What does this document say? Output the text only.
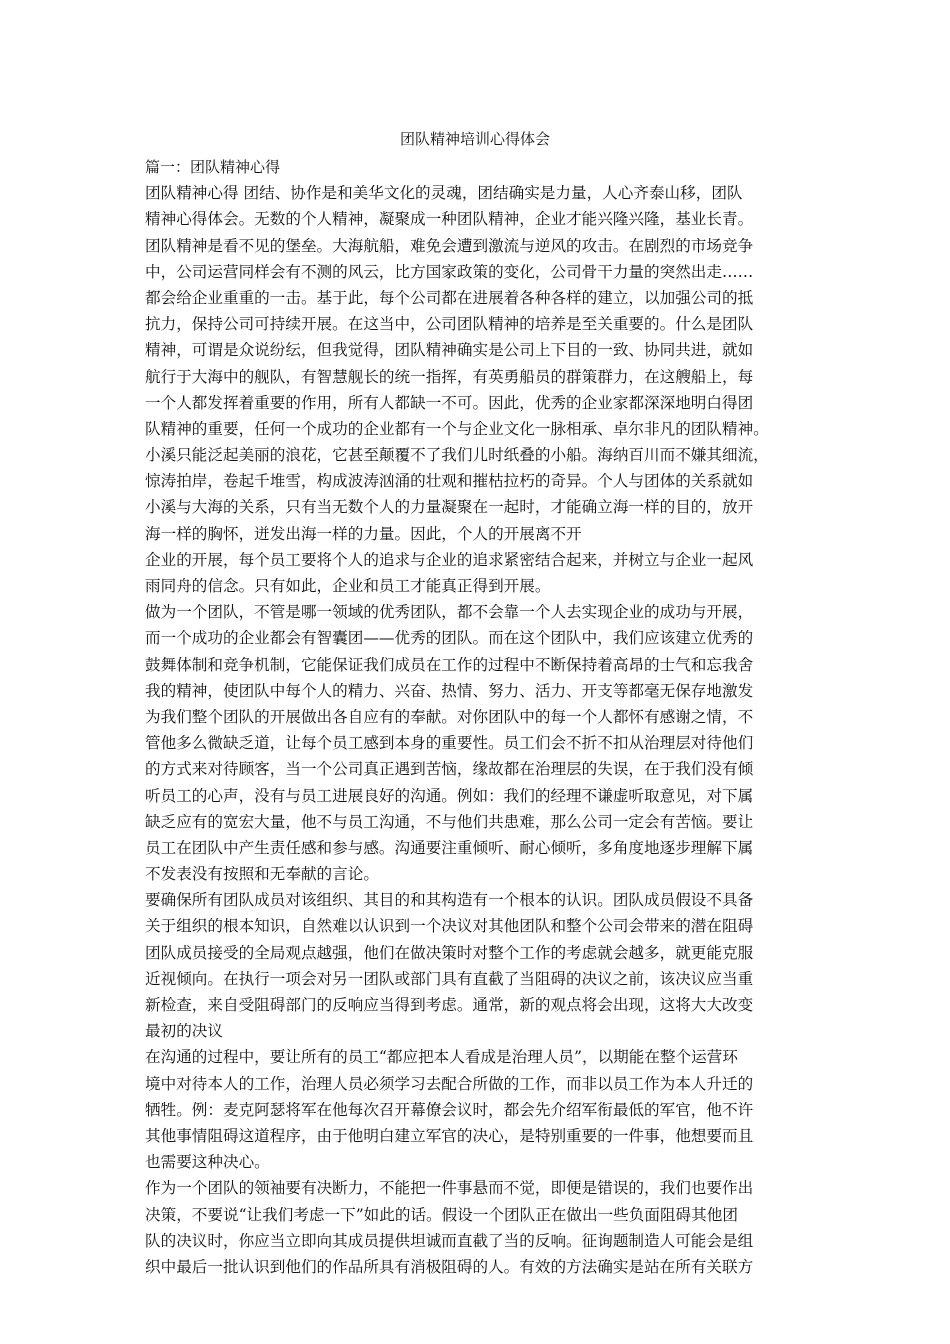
团队精神培训心得体会
篇一：团队精神心得
团队精神心得 团结、协作是和美华文化的灵魂，团结确实是力量，人心齐泰山移，团队
精神心得体会。无数的个人精神，凝聚成一种团队精神，企业才能兴隆兴隆，基业长青。
团队精神是看不见的堡垒。大海航船，难免会遭到激流与逆风的攻击。在剧烈的市场竞争
中，公司运营同样会有不测的风云，比方国家政策的变化，公司骨干力量的突然出走……
都会给企业重重的一击。基于此，每个公司都在进展着各种各样的建立，以加强公司的抵
抗力，保持公司可持续开展。在这当中，公司团队精神的培养是至关重要的。什么是团队
精神，可谓是众说纷纭，但我觉得，团队精神确实是公司上下目的一致、协同共进，就如
航行于大海中的舰队，有智慧舰长的统一指挥，有英勇船员的群策群力，在这艘船上，每
一个人都发挥着重要的作用，所有人都缺一不可。因此，优秀的企业家都深深地明白得团
队精神的重要，任何一个成功的企业都有一个与企业文化一脉相承、卓尔非凡的团队精神。
小溪只能泛起美丽的浪花，它甚至颠覆不了我们儿时纸叠的小船。海纳百川而不嫌其细流，
惊涛拍岸，卷起千堆雪，构成波涛汹涌的壮观和摧枯拉朽的奇异。个人与团体的关系就如
小溪与大海的关系，只有当无数个人的力量凝聚在一起时，才能确立海一样的目的，放开
海一样的胸怀，迸发出海一样的力量。因此，个人的开展离不开
企业的开展，每个员工要将个人的追求与企业的追求紧密结合起来，并树立与企业一起风
雨同舟的信念。只有如此，企业和员工才能真正得到开展。
做为一个团队，不管是哪一领域的优秀团队，都不会靠一个人去实现企业的成功与开展，
而一个成功的企业都会有智囊团——优秀的团队。而在这个团队中，我们应该建立优秀的
鼓舞体制和竞争机制，它能保证我们成员在工作的过程中不断保持着高昂的士气和忘我舍
我的精神，使团队中每个人的精力、兴奋、热情、努力、活力、开支等都毫无保存地激发
为我们整个团队的开展做出各自应有的奉献。对你团队中的每一个人都怀有感谢之情，不
管他多么微缺乏道，让每个员工感到本身的重要性。员工们会不折不扣从治理层对待他们
的方式来对待顾客，当一个公司真正遇到苦恼，缘故都在治理层的失误，在于我们没有倾
听员工的心声，没有与员工进展良好的沟通。例如：我们的经理不谦虚听取意见，对下属
缺乏应有的宽宏大量，他不与员工沟通，不与他们共患难，那么公司一定会有苦恼。要让
员工在团队中产生责任感和参与感。沟通要注重倾听、耐心倾听，多角度地逐步理解下属
不发表没有按照和无奉献的言论。
要确保所有团队成员对该组织、其目的和其构造有一个根本的认识。团队成员假设不具备
关于组织的根本知识，自然难以认识到一个决议对其他团队和整个公司会带来的潜在阻碍
团队成员接受的全局观点越强，他们在做决策时对整个工作的考虑就会越多，就更能克服
近视倾向。在执行一项会对另一团队或部门具有直截了当阻碍的决议之前，该决议应当重
新检查，来自受阻碍部门的反响应当得到考虑。通常，新的观点将会出现，这将大大改变
最初的决议
在沟通的过程中，要让所有的员工“都应把本人看成是治理人员”，以期能在整个运营环
境中对待本人的工作，治理人员必须学习去配合所做的工作，而非以员工作为本人升迁的
牺牲。例：麦克阿瑟将军在他每次召开幕僚会议时，都会先介绍军衔最低的军官，他不许
其他事情阻碍这道程序，由于他明白建立军官的决心，是特别重要的一件事，他想要而且
也需要这种决心。
作为一个团队的领袖要有决断力，不能把一件事悬而不觉，即便是错误的，我们也要作出
决策，不要说“让我们考虑一下”如此的话。假设一个团队正在做出一些负面阻碍其他团
队的决议时，你应当立即向其成员提供坦诚而直截了当的反响。征询题制造人可能会是组
织中最后一批认识到他们的作品所具有消极阻碍的人。有效的方法确实是站在所有关联方
